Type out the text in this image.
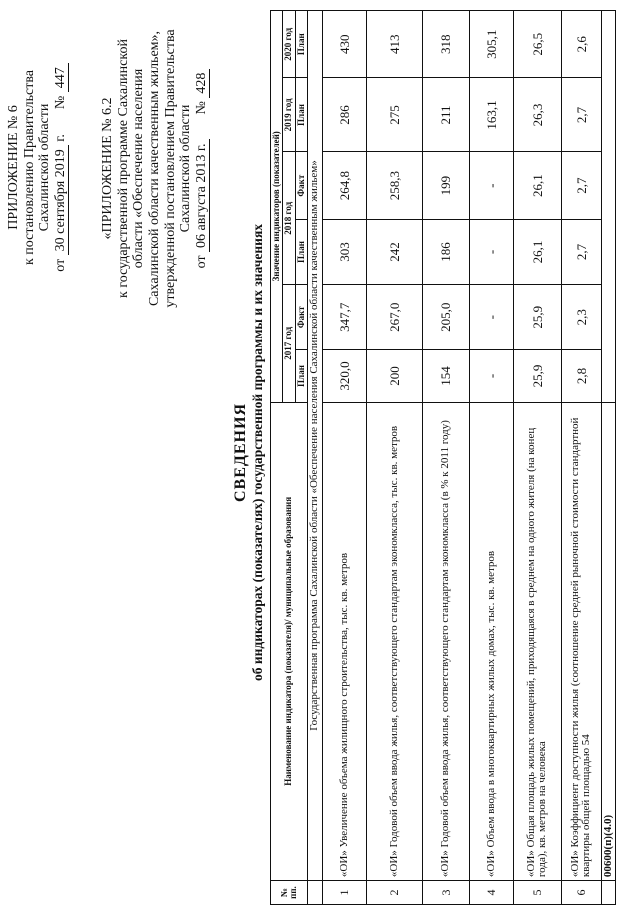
ПРИЛОЖЕНИЕ № 6 к постановлению Правительства Сахалинской области
от 30 сентября 2019 г.  № 447
«ПРИЛОЖЕНИЕ № 6.2 к государственной программе Сахалинской области «Обеспечение населения Сахалинской области качественным жильем», утвержденной постановлением Правительства Сахалинской области
от 06 августа 2013 г.  № 428
СВЕДЕНИЯ об индикаторах (показателях) государственной программы и их значениях
№ пп.	Наименование индикатора (показателя)/ муниципальные образования	Значение индикаторов (показателей)					
		2017 год		2018 год		2019 год	2020 год
		План	Факт	План	Факт	План	План
	Государственная программа Сахалинской области «Обеспечение населения Сахалинской области качественным жильем»						
1	«ОИ» Увеличение объема жилищного строительства, тыс. кв. метров	320,0	347,7	303	264,8	286	430
2	«ОИ» Годовой объем ввода жилья, соответствующего стандартам экономкласса, тыс. кв. метров	200	267,0	242	258,3	275	413
3	«ОИ» Годовой объем ввода жилья, соответствующего стандартам экономкласса (в % к 2011 году)	154	205,0	186	199	211	318
4	«ОИ» Объем ввода в многоквартирных жилых домах, тыс. кв. метров	-	-	-	-	163,1	305,1
5	«ОИ» Общая площадь жилых помещений, приходящаяся в среднем на одного жителя (на конец года), кв. метров на человека	25,9	25,9	26,1	26,1	26,3	26,5
6	«ОИ» Коэффициент доступности жилья (соотношение средней рыночной стоимости стандартной квартиры общей площадью 54	2,8	2,3	2,7	2,7	2,7	2,6
	00600(п)(4.0)						
